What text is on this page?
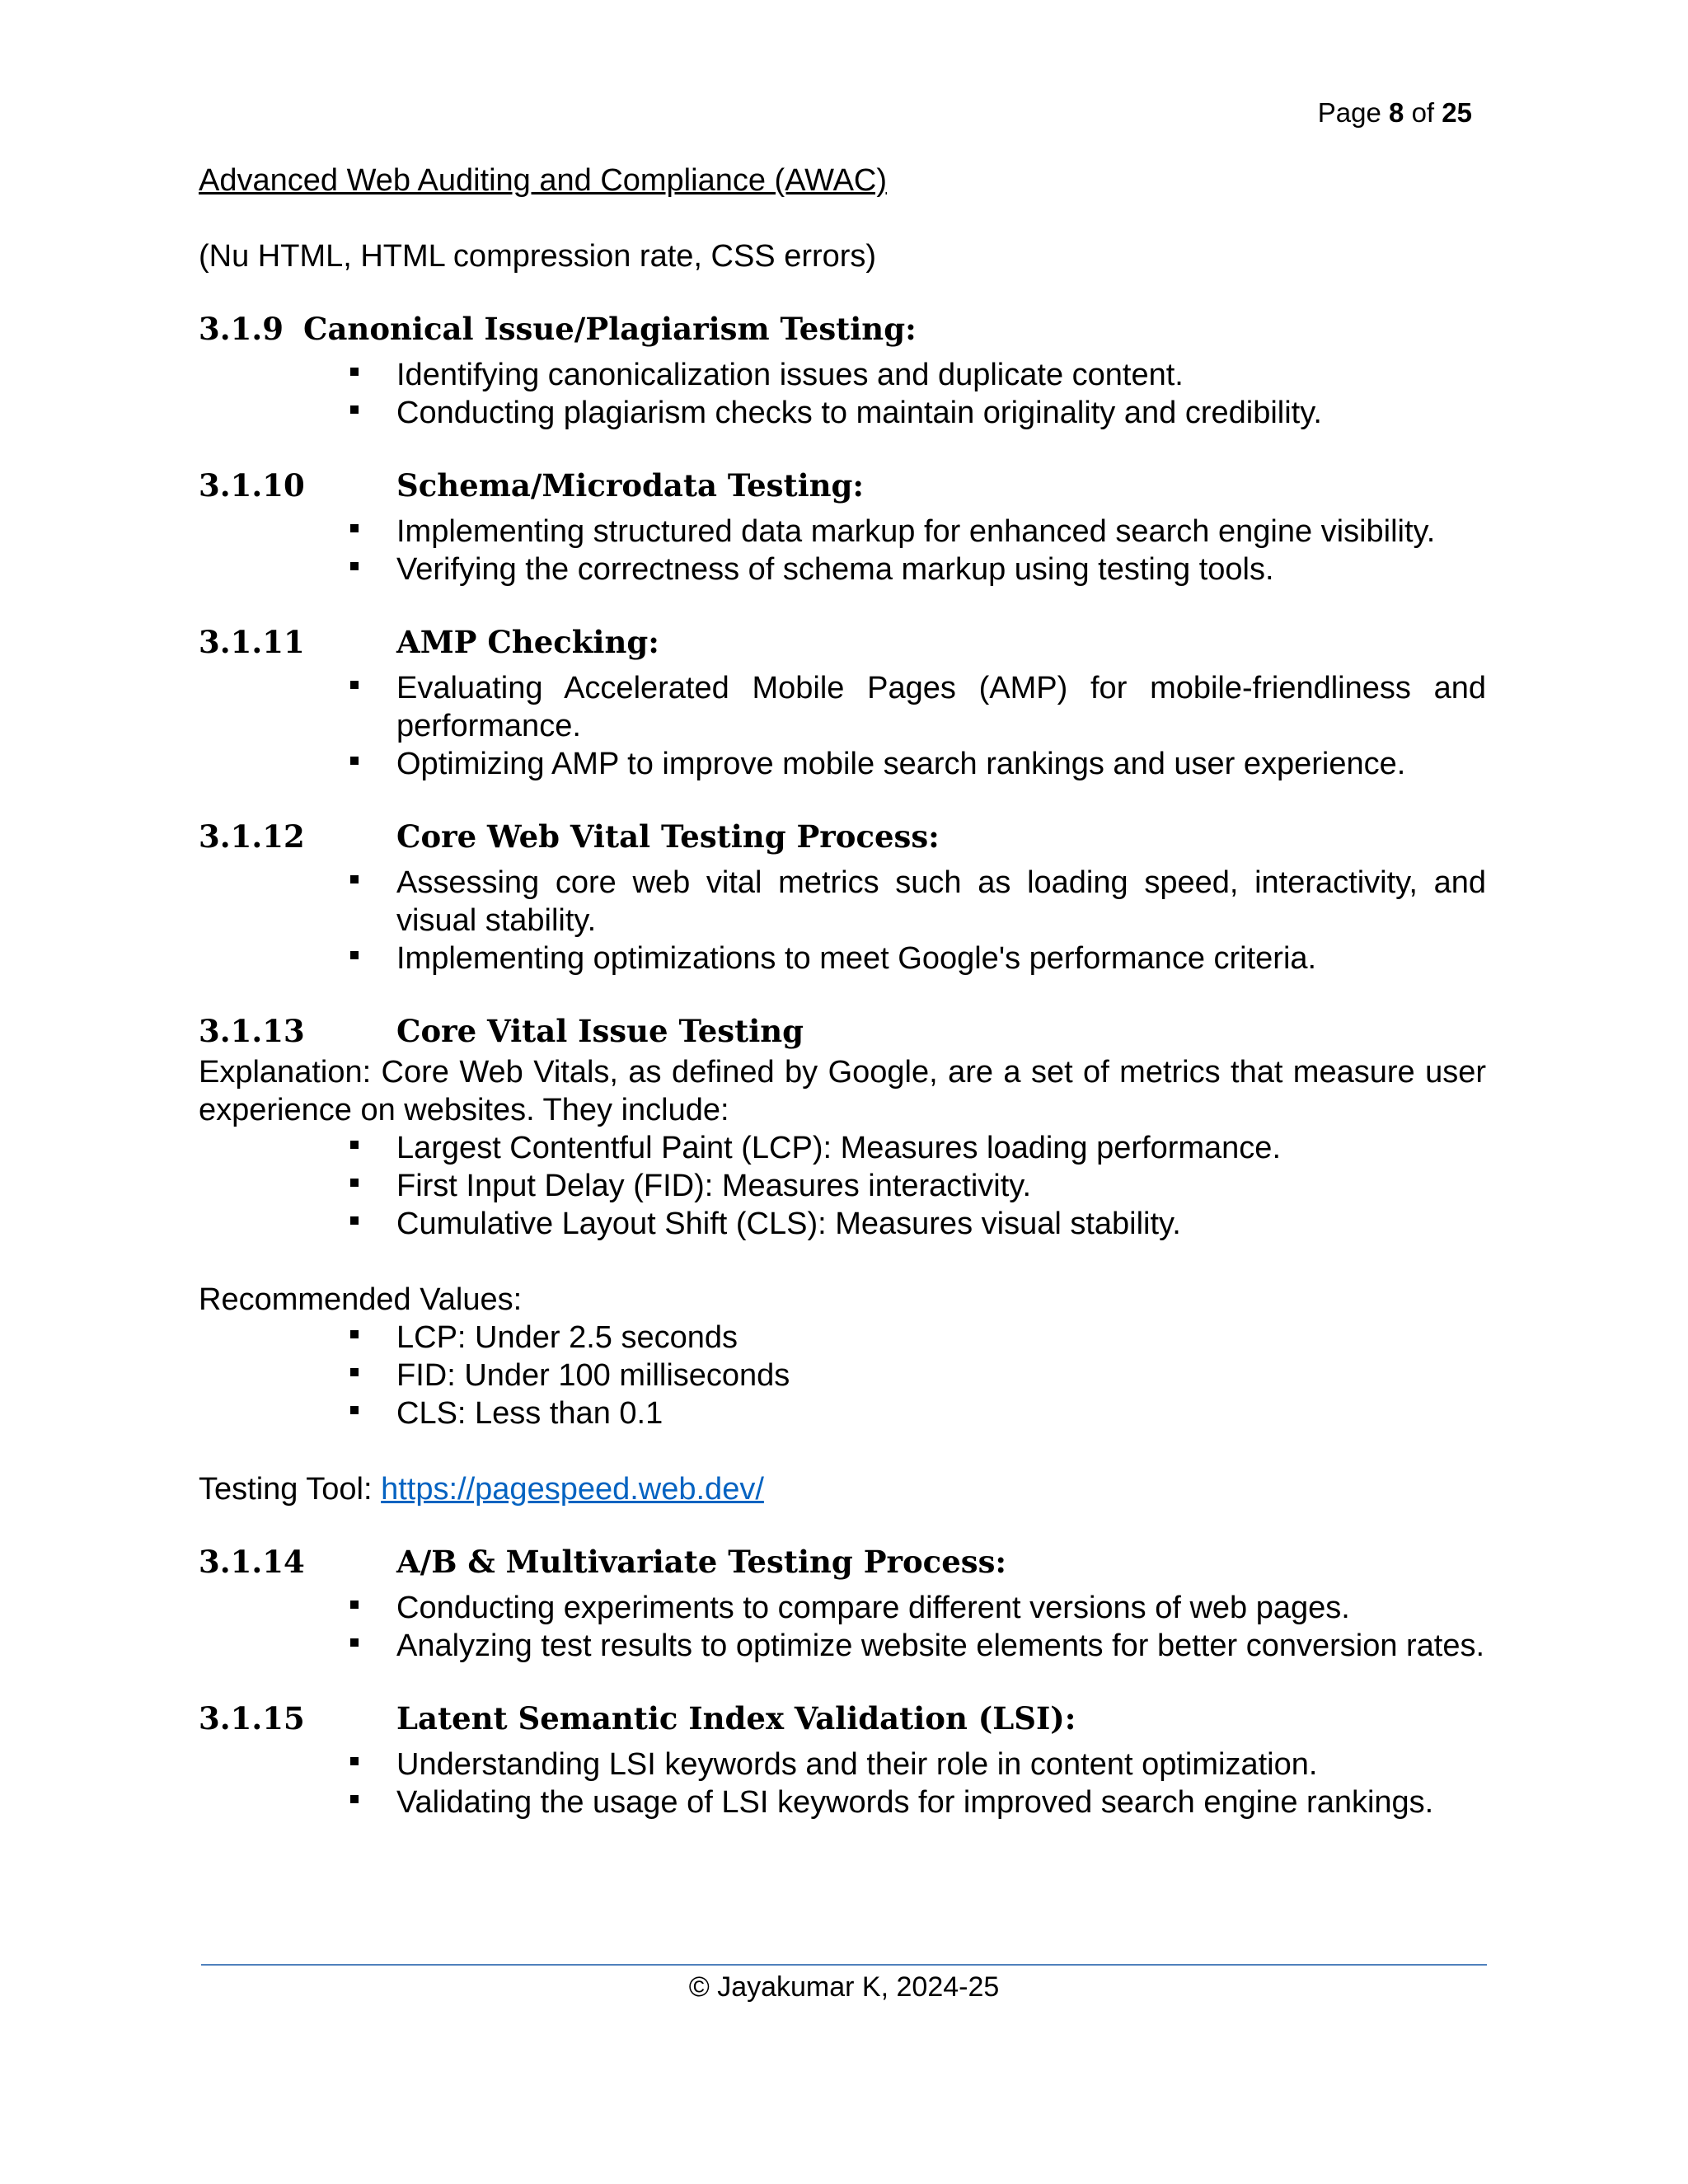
Page 8 of 25

Advanced Web Auditing and Compliance (AWAC)

(Nu HTML, HTML compression rate, CSS errors)

3.1.9 Canonical Issue/Plagiarism Testing:
Identifying canonicalization issues and duplicate content.
Conducting plagiarism checks to maintain originality and credibility.
3.1.10	Schema/Microdata Testing:
Implementing structured data markup for enhanced search engine visibility.
Verifying the correctness of schema markup using testing tools.
3.1.11	AMP Checking:
Evaluating Accelerated Mobile Pages (AMP) for mobile-friendliness and performance.
Optimizing AMP to improve mobile search rankings and user experience.
3.1.12	Core Web Vital Testing Process:
Assessing core web vital metrics such as loading speed, interactivity, and visual stability.
Implementing optimizations to meet Google's performance criteria.
3.1.13	Core Vital Issue Testing

Explanation: Core Web Vitals, as defined by Google, are a set of metrics that measure user experience on websites. They include:

Largest Contentful Paint (LCP): Measures loading performance.
First Input Delay (FID): Measures interactivity.
Cumulative Layout Shift (CLS): Measures visual stability.

Recommended Values:

LCP: Under 2.5 seconds
FID: Under 100 milliseconds
CLS: Less than 0.1

Testing Tool: https://pagespeed.web.dev/

3.1.14	A/B & Multivariate Testing Process:
Conducting experiments to compare different versions of web pages.
Analyzing test results to optimize website elements for better conversion rates.
3.1.15	Latent Semantic Index Validation (LSI):
Understanding LSI keywords and their role in content optimization.
Validating the usage of LSI keywords for improved search engine rankings.
© Jayakumar K, 2024-25
